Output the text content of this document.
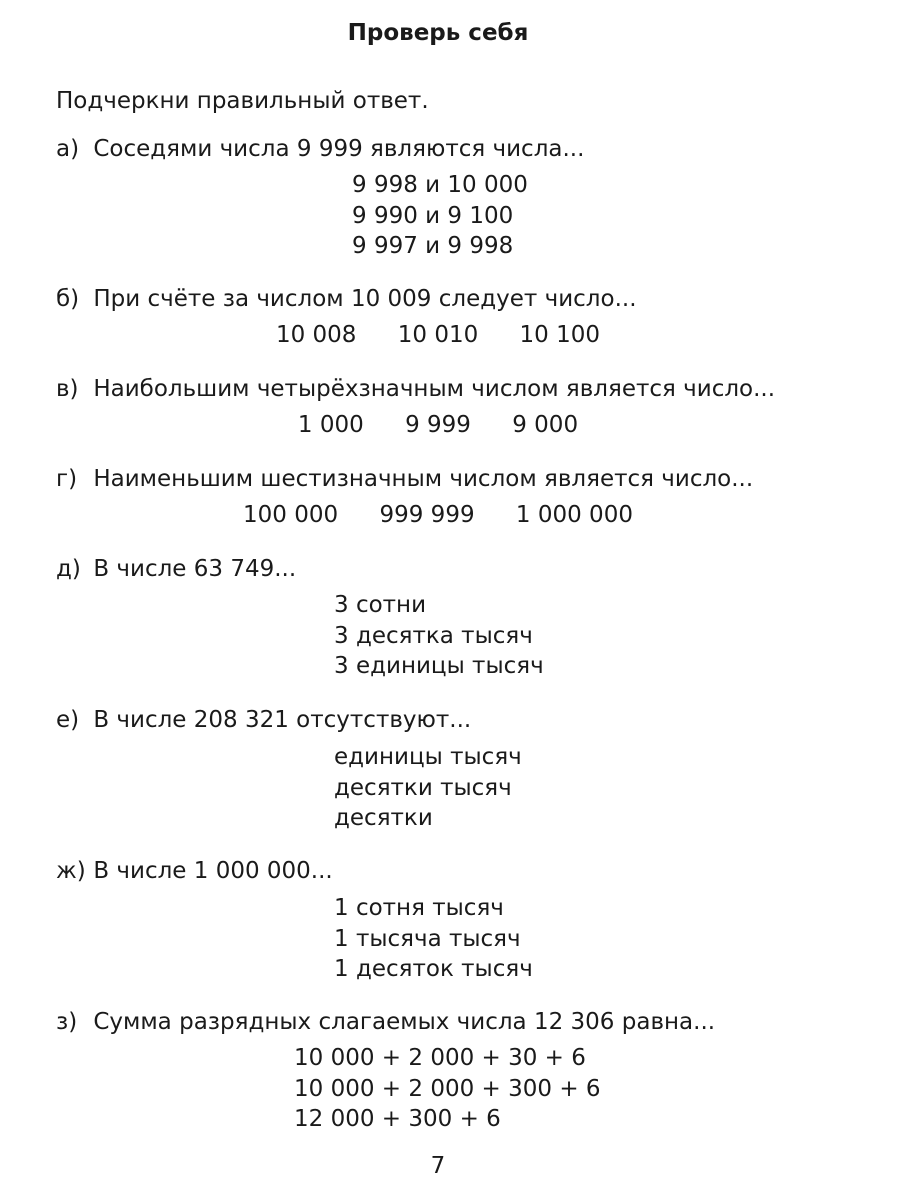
Проверь себя
Подчеркни правильный ответ.
а) Соседями числа 9 999 являются числа...
9 998 и 10 000
9 990 и 9 100
9 997 и 9 998
б) При счёте за числом 10 009 следует число...
10 008 10 010 10 100
в) Наибольшим четырёхзначным числом является число...
1 000 9 999 9 000
г) Наименьшим шестизначным числом является число...
100 000 999 999 1 000 000
д) В числе 63 749...
3 сотни
3 десятка тысяч
3 единицы тысяч
е) В числе 208 321 отсутствуют...
единицы тысяч
десятки тысяч
десятки
ж) В числе 1 000 000...
1 сотня тысяч
1 тысяча тысяч
1 десяток тысяч
з) Сумма разрядных слагаемых числа 12 306 равна...
10 000 + 2 000 + 30 + 6
10 000 + 2 000 + 300 + 6
12 000 + 300 + 6
7
